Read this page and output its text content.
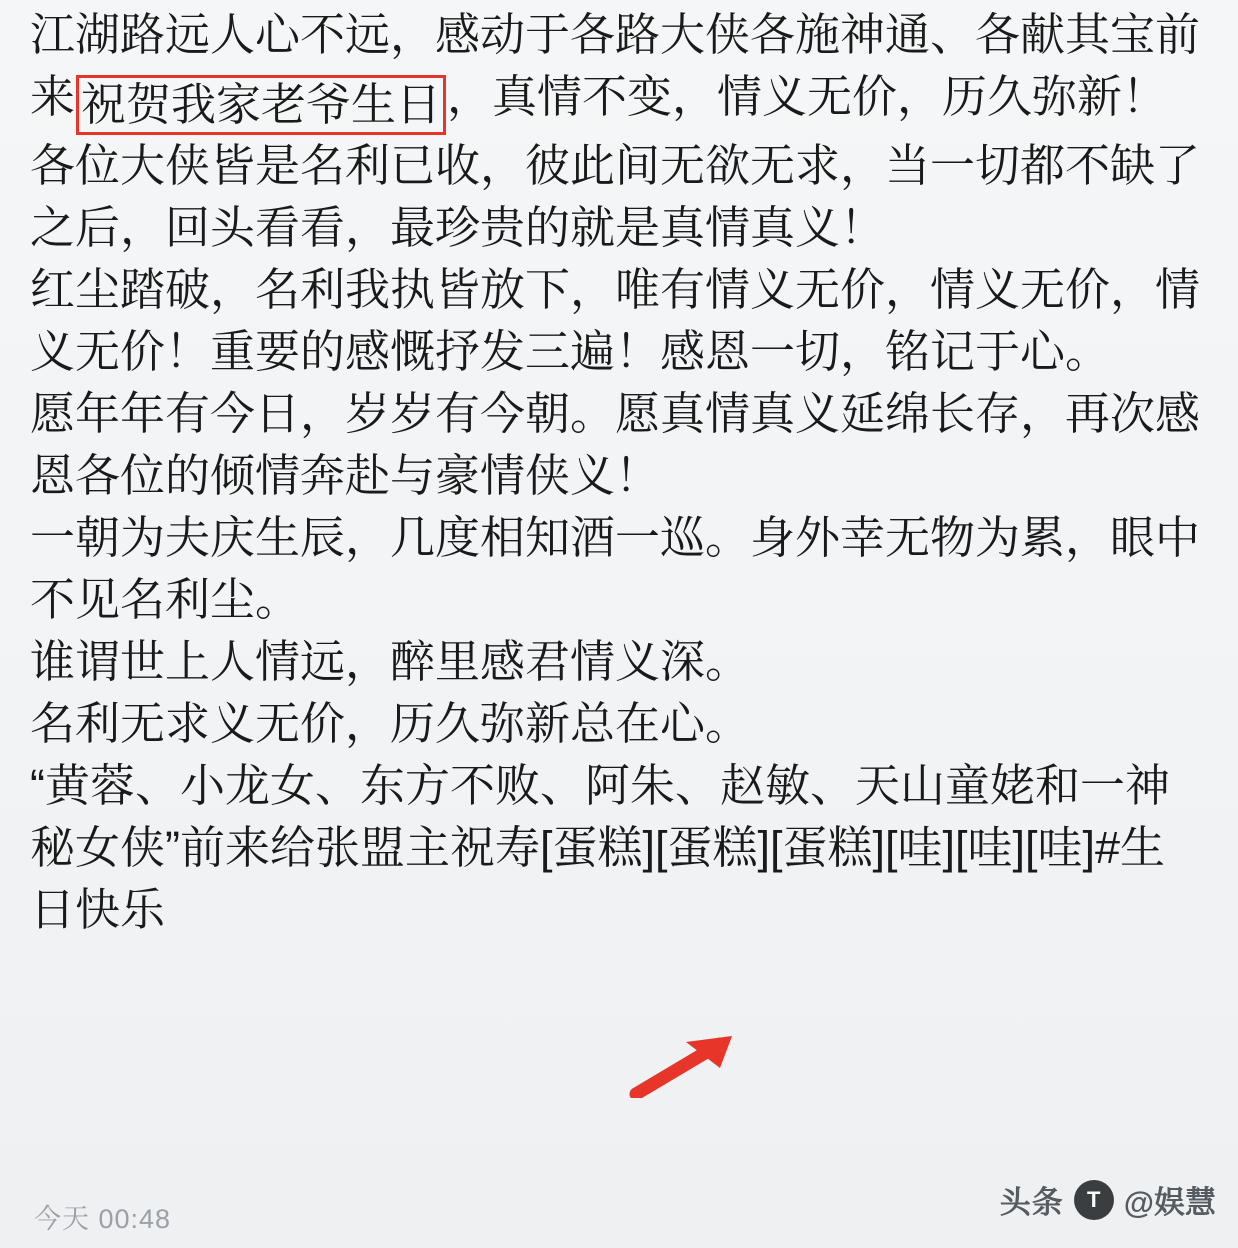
江湖路远人心不远，感动于各路大侠各施神通、各献其宝前来 祝贺我家老爷生日 ，真情不变，情义无价，历久弥新！

各位大侠皆是名利已收，彼此间无欲无求，当一切都不缺了之后，回头看看，最珍贵的就是真情真义！

红尘踏破，名利我执皆放下，唯有情义无价，情义无价，情义无价！重要的感慨抒发三遍！感恩一切，铭记于心。

愿年年有今日，岁岁有今朝。愿真情真义延绵长存，再次感恩各位的倾情奔赴与豪情侠义！

一朝为夫庆生辰，几度相知酒一巡。身外幸无物为累，眼中不见名利尘。

谁谓世上人情远，醉里感君情义深。

名利无求义无价，历久弥新总在心。

“黄蓉、小龙女、东方不败、阿朱、赵敏、天山童姥和一神秘女侠”前来给张盟主祝寿[蛋糕][蛋糕][蛋糕][哇][哇][哇]#生日快乐

今天 00:48	头条	T @娱慧
